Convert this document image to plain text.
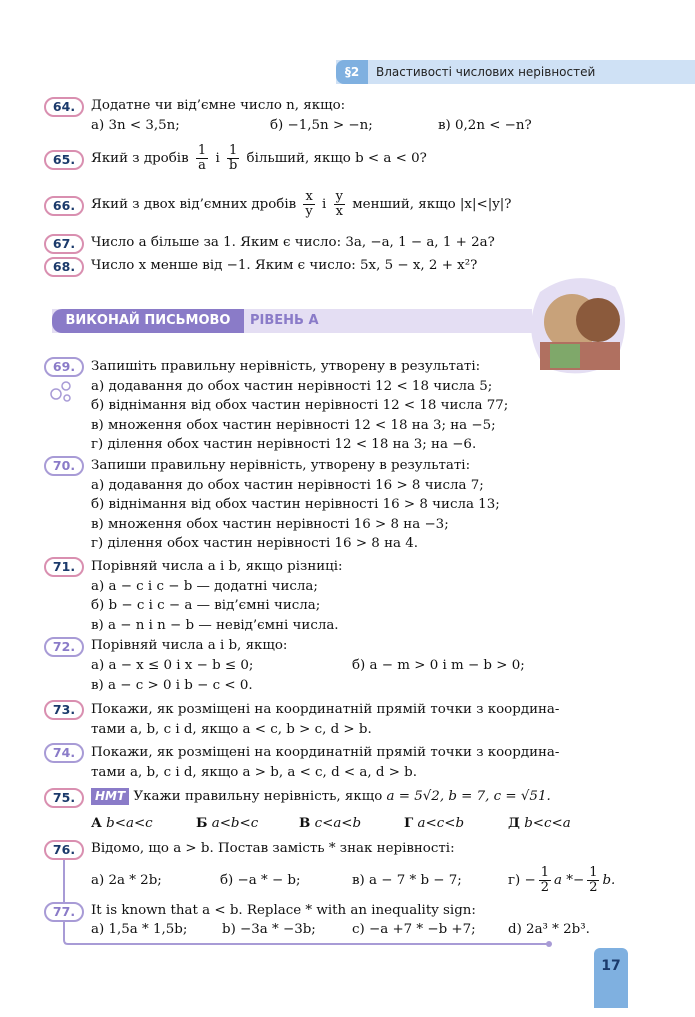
§2	Властивості числових нерівностей
64.	Додатне чи від’ємне число n, якщо:
а) 3n < 3,5n;	б) −1,5n > −n;	в) 0,2n < −n?
65.	Який з дробів $\frac{1}{a}$ і $\frac{1}{b}$ більший, якщо b < a < 0?
66.	Який з двох від’ємних дробів $\frac{x}{y}$ і $\frac{y}{x}$ менший, якщо |x|<|y|?
67.	Число a більше за 1. Яким є число: 3a, −a, 1 − a, 1 + 2a?
68.	Число x менше від −1. Яким є число: 5x, 5 − x, 2 + x²?
ВИКОНАЙ ПИСЬМОВО	РІВЕНЬ А
69.	Запишіть правильну нерівність, утворену в результаті:
а) додавання до обох частин нерівності 12 < 18 числа 5;
б) віднімання від обох частин нерівності 12 < 18 числа 77;
в) множення обох частин нерівності 12 < 18 на 3; на −5;
г) ділення обох частин нерівності 12 < 18 на 3; на −6.
70.	Запиши правильну нерівність, утворену в результаті:
а) додавання до обох частин нерівності 16 > 8 числа 7;
б) віднімання від обох частин нерівності 16 > 8 числа 13;
в) множення обох частин нерівності 16 > 8 на −3;
г) ділення обох частин нерівності 16 > 8 на 4.
71.	Порівняй числа a і b, якщо різниці:
а) a − c і c − b — додатні числа;
б) b − c і c − a — від’ємні числа;
в) a − n і n − b — невід’ємні числа.
72.	Порівняй числа a і b, якщо:
а) a − x ≤ 0 і x − b ≤ 0;	б) a − m > 0 і m − b > 0;
в) a − c > 0 і b − c < 0.
73.	Покажи, як розміщені на координатній прямій точки з координа-
тами a, b, c і d, якщо a < c, b > c, d > b.
74.	Покажи, як розміщені на координатній прямій точки з координа-
тами a, b, c і d, якщо a > b, a < c, d < a, d > b.
75.	НМТ Укажи правильну нерівність, якщо a = 5√2, b = 7, c = √51.
А b<a<c	Б a<b<c	В c<a<b	Г a<c<b	Д b<c<a
76.	Відомо, що a > b. Постав замість * знак нерівності:
а) 2a * 2b;	б) −a * − b;	в) a − 7 * b − 7;	$г) - \frac{1}{2}$ $a *- \frac{1}{2} b$.
77.	It is known that a < b. Replace * with an inequality sign:
а) 1,5a * 1,5b;	b) −3a * −3b;	c) −a +7 * −b +7; d) 2a³ * 2b³.
17
